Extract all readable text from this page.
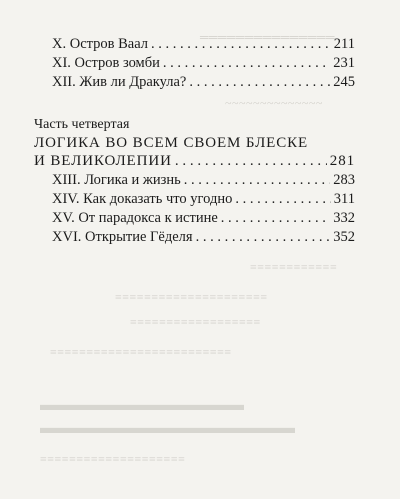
═══════════════
~~~~~~~~~~~~~~
≡≡≡≡≡≡≡≡≡≡≡≡
≡≡≡≡≡≡≡≡≡≡≡≡≡≡≡≡≡≡≡≡≡
≡≡≡≡≡≡≡≡≡≡≡≡≡≡≡≡≡≡
≡≡≡≡≡≡≡≡≡≡≡≡≡≡≡≡≡≡≡≡≡≡≡≡≡
▬▬▬▬▬▬▬▬▬▬▬▬
▬▬▬▬▬▬▬▬▬▬▬▬▬▬▬
≡≡≡≡≡≡≡≡≡≡≡≡≡≡≡≡≡≡≡≡
X. Остров Ваал . . .	211
XI. Остров зомби . . .	231
XII. Жив ли Дракула? . . .	245
Часть четвертая
ЛОГИКА ВО ВСЕМ СВОЕМ БЛЕСКЕ
И ВЕЛИКОЛЕПИИ . . .	281
XIII. Логика и жизнь . . .	283
XIV. Как доказать что угодно . . .	311
XV. От парадокса к истине . . .	332
XVI. Открытие Гёделя . . .	352
